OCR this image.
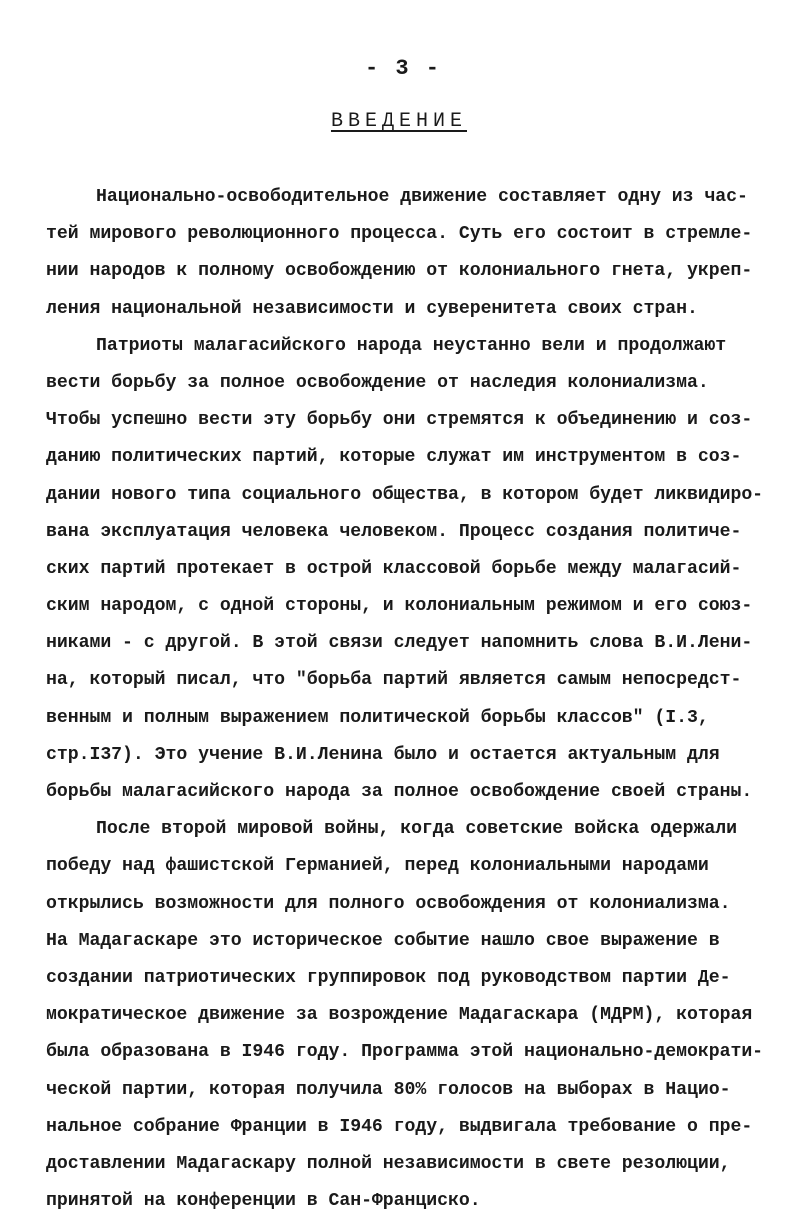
- 3 -
ВВЕДЕНИЕ
Национально-освободительное движение составляет одну из час-
тей мирового революционного процесса. Суть его состоит в стремле-
нии народов к полному освобождению от колониального гнета, укреп-
ления национальной независимости и суверенитета своих стран.
Патриоты малагасийского народа неустанно вели и продолжают
вести борьбу за полное освобождение от наследия колониализма.
Чтобы успешно вести эту борьбу они стремятся к объединению и соз-
данию политических партий, которые служат им инструментом в соз-
дании нового типа социального общества, в котором будет ликвидиро-
вана эксплуатация человека человеком. Процесс создания политиче-
ских партий протекает в острой классовой борьбе между малагасий-
ским народом, с одной стороны, и колониальным режимом и его союз-
никами - с другой. В этой связи следует напомнить слова В.И.Лени-
на, который писал, что "борьба партий является самым непосредст-
венным и полным выражением политической борьбы классов" (I.3,
стр.I37). Это учение В.И.Ленина было и остается актуальным для
борьбы малагасийского народа за полное освобождение своей страны.
После второй мировой войны, когда советские войска одержали
победу над фашистской Германией, перед колониальными народами
открылись возможности для полного освобождения от колониализма.
На Мадагаскаре это историческое событие нашло свое выражение в
создании патриотических группировок под руководством партии Де-
мократическое движение за возрождение Мадагаскара (МДРМ), которая
была образована в I946 году. Программа этой национально-демократи-
ческой партии, которая получила 80% голосов на выборах в Нацио-
нальное собрание Франции в I946 году, выдвигала требование о пре-
доставлении Мадагаскару полной независимости в свете резолюции,
принятой на конференции в Сан-Франциско.
